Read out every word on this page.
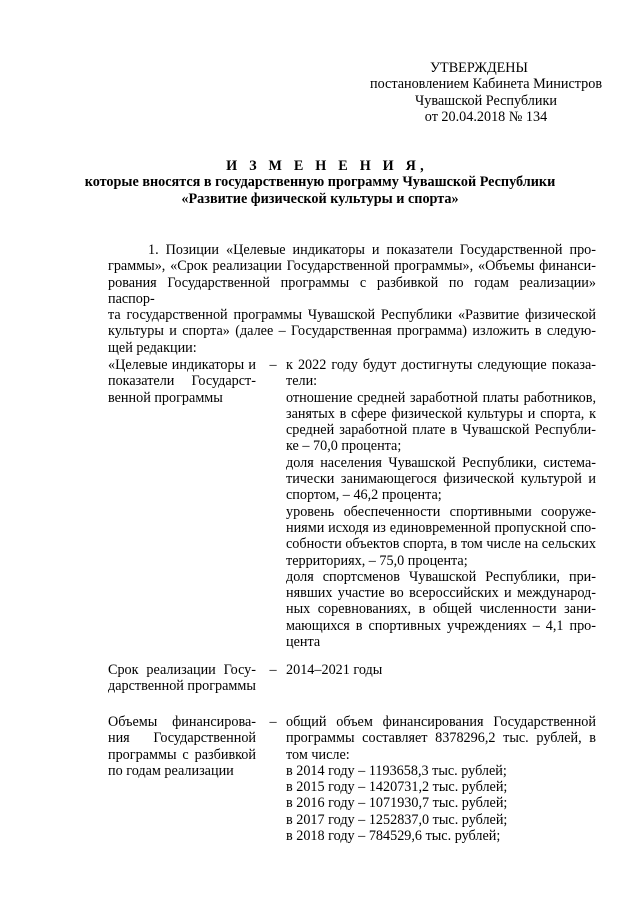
УТВЕРЖДЕНЫ
постановлением Кабинета Министров
Чувашской Республики
от 20.04.2018 № 134
И З М Е Н Е Н И Я,
которые вносятся в государственную программу Чувашской Республики
«Развитие физической культуры и спорта»
1. Позиции «Целевые индикаторы и показатели Государственной про-
граммы», «Срок реализации Государственной программы», «Объемы финанси-
рования Государственной программы с разбивкой по годам реализации» паспор-
та государственной программы Чувашской Республики «Развитие физической
культуры и спорта» (далее – Государственная программа) изложить в следую-
щей редакции:
«Целевые индикаторы и
показатели Государст-
венной программы
– к 2022 году будут достигнуты следующие показа-
тели:
отношение средней заработной платы работников,
занятых в сфере физической культуры и спорта, к
средней заработной плате в Чувашской Республи-
ке – 70,0 процента;
доля населения Чувашской Республики, системa-
тически занимающегося физической культурой и
спортом, – 46,2 процента;
уровень обеспеченности спортивными сооруже-
ниями исходя из единовременной пропускной спо-
собности объектов спорта, в том числе на сельских
территориях, – 75,0 процента;
доля спортсменов Чувашской Республики, при-
нявших участие во всероссийских и международ-
ных соревнованиях, в общей численности зани-
мающихся в спортивных учреждениях – 4,1 про-
цента
Срок реализации Госу-
дарственной программы
– 2014–2021 годы
Объемы финансирова-
ния Государственной
программы с разбивкой
по годам реализации
– общий объем финансирования Государственной
программы составляет 8378296,2 тыс. рублей, в
том числе:
в 2014 году – 1193658,3 тыс. рублей;
в 2015 году – 1420731,2 тыс. рублей;
в 2016 году – 1071930,7 тыс. рублей;
в 2017 году – 1252837,0 тыс. рублей;
в 2018 году – 784529,6 тыс. рублей;
